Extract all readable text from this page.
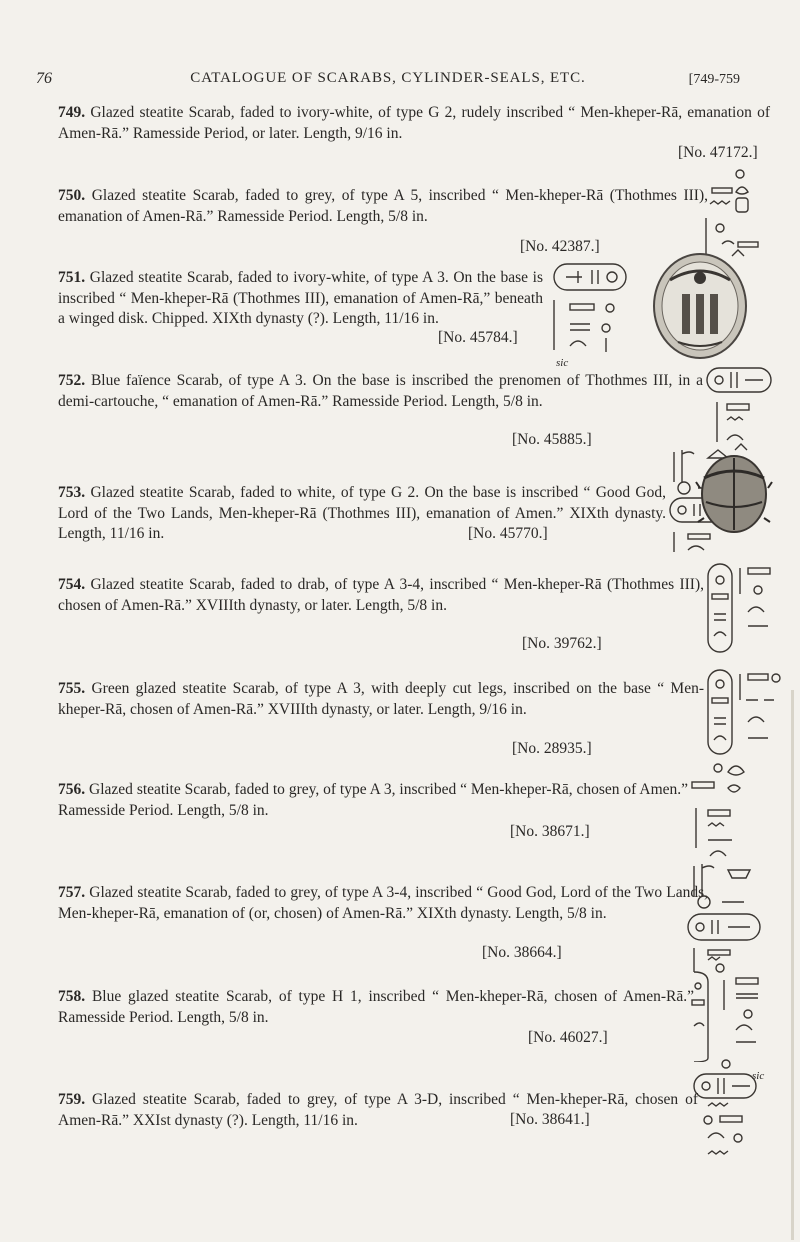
76	CATALOGUE OF SCARABS, CYLINDER-SEALS, ETC.	[749-759
749. Glazed steatite Scarab, faded to ivory-white, of type G 2, rudely inscribed “ Men-kheper-Rā, emanation of Amen-Rā.” Ramesside Period, or later. Length, 9/16 in.
[No. 47172.]
750. Glazed steatite Scarab, faded to grey, of type A 5, inscribed “ Men-kheper-Rā (Thothmes III), emanation of Amen-Rā.” Ramesside Period. Length, 5/8 in.
[No. 42387.]
751. Glazed steatite Scarab, faded to ivory-white, of type A 3. On the base is inscribed “ Men-kheper-Rā (Thothmes III), emanation of Amen-Rā,” beneath a winged disk. Chipped. XIXth dynasty (?). Length, 11/16 in.
[No. 45784.]
sic
752. Blue faïence Scarab, of type A 3. On the base is inscribed the prenomen of Thothmes III, in a demi-cartouche, “ emanation of Amen-Rā.” Ramesside Period. Length, 5/8 in.
[No. 45885.]
753. Glazed steatite Scarab, faded to white, of type G 2. On the base is inscribed “ Good God, Lord of the Two Lands, Men-kheper-Rā (Thothmes III), emanation of Amen.” XIXth dynasty. Length, 11/16 in.	[No. 45770.]
754. Glazed steatite Scarab, faded to drab, of type A 3-4, inscribed “ Men-kheper-Rā (Thothmes III), chosen of Amen-Rā.” XVIIIth dynasty, or later. Length, 5/8 in.
[No. 39762.]
755. Green glazed steatite Scarab, of type A 3, with deeply cut legs, inscribed on the base “ Men-kheper-Rā, chosen of Amen-Rā.” XVIIIth dynasty, or later. Length, 9/16 in.
[No. 28935.]
756. Glazed steatite Scarab, faded to grey, of type A 3, inscribed “ Men-kheper-Rā, chosen of Amen.” Ramesside Period. Length, 5/8 in.
[No. 38671.]
757. Glazed steatite Scarab, faded to grey, of type A 3-4, inscribed “ Good God, Lord of the Two Lands, Men-kheper-Rā, emanation of (or, chosen) of Amen-Rā.” XIXth dynasty. Length, 5/8 in.
[No. 38664.]
758. Blue glazed steatite Scarab, of type H 1, inscribed “ Men-kheper-Rā, chosen of Amen-Rā.” Ramesside Period. Length, 5/8 in.
[No. 46027.]
759. Glazed steatite Scarab, faded to grey, of type A 3-D, inscribed “ Men-kheper-Rā, chosen of Amen-Rā.” XXIst dynasty (?). Length, 11/16 in.	[No. 38641.]
sic
